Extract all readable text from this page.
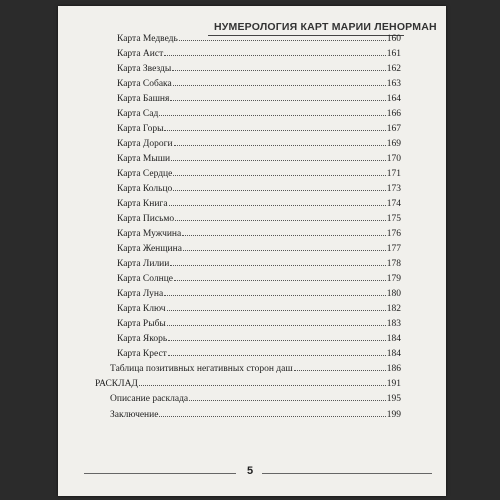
НУМЕРОЛОГИЯ КАРТ МАРИИ ЛЕНОРМАН
Карта Медведь	160
Карта Аист	161
Карта Звезды	162
Карта Собака	163
Карта Башня	164
Карта Сад	166
Карта Горы	167
Карта Дороги	169
Карта Мыши	170
Карта Сердце	171
Карта Кольцо	173
Карта Книга	174
Карта Письмо	175
Карта Мужчина	176
Карта Женщина	177
Карта Лилии	178
Карта Солнце	179
Карта Луна	180
Карта Ключ	182
Карта Рыбы	183
Карта Якорь	184
Карта Крест	184
Таблица позитивных негативных сторон даш	186
РАСКЛАД	191
Описание расклада	195
Заключение	199
5
